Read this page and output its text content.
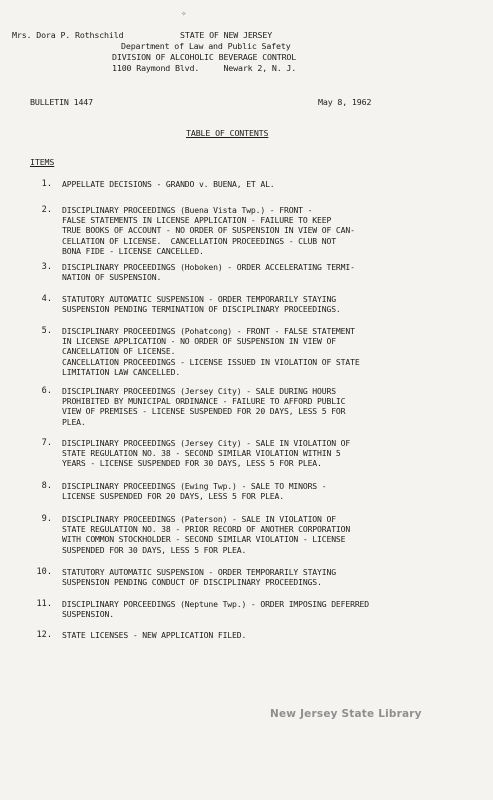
Mrs. Dora P. Rothschild	STATE OF NEW JERSEY
Department of Law and Public Safety
DIVISION OF ALCOHOLIC BEVERAGE CONTROL
1100 Raymond Blvd.     Newark 2, N. J.
BULLETIN 1447	May 8, 1962
TABLE OF CONTENTS
ITEMS
1. APPELLATE DECISIONS - GRANDO v. BUENA, ET AL.
2. DISCIPLINARY PROCEEDINGS (Buena Vista Twp.) - FRONT -
FALSE STATEMENTS IN LICENSE APPLICATION - FAILURE TO KEEP
TRUE BOOKS OF ACCOUNT - NO ORDER OF SUSPENSION IN VIEW OF CAN-
CELLATION OF LICENSE.  CANCELLATION PROCEEDINGS - CLUB NOT
BONA FIDE - LICENSE CANCELLED.
3. DISCIPLINARY PROCEEDINGS (Hoboken) - ORDER ACCELERATING TERMI-
NATION OF SUSPENSION.
4. STATUTORY AUTOMATIC SUSPENSION - ORDER TEMPORARILY STAYING
SUSPENSION PENDING TERMINATION OF DISCIPLINARY PROCEEDINGS.
5. DISCIPLINARY PROCEEDINGS (Pohatcong) - FRONT - FALSE STATEMENT
IN LICENSE APPLICATION - NO ORDER OF SUSPENSION IN VIEW OF
CANCELLATION OF LICENSE.
CANCELLATION PROCEEDINGS - LICENSE ISSUED IN VIOLATION OF STATE
LIMITATION LAW CANCELLED.
6. DISCIPLINARY PROCEEDINGS (Jersey City) - SALE DURING HOURS
PROHIBITED BY MUNICIPAL ORDINANCE - FAILURE TO AFFORD PUBLIC
VIEW OF PREMISES - LICENSE SUSPENDED FOR 20 DAYS, LESS 5 FOR
PLEA.
7. DISCIPLINARY PROCEEDINGS (Jersey City) - SALE IN VIOLATION OF
STATE REGULATION NO. 38 - SECOND SIMILAR VIOLATION WITHIN 5
YEARS - LICENSE SUSPENDED FOR 30 DAYS, LESS 5 FOR PLEA.
8. DISCIPLINARY PROCEEDINGS (Ewing Twp.) - SALE TO MINORS -
LICENSE SUSPENDED FOR 20 DAYS, LESS 5 FOR PLEA.
9. DISCIPLINARY PROCEEDINGS (Paterson) - SALE IN VIOLATION OF
STATE REGULATION NO. 38 - PRIOR RECORD OF ANOTHER CORPORATION
WITH COMMON STOCKHOLDER - SECOND SIMILAR VIOLATION - LICENSE
SUSPENDED FOR 30 DAYS, LESS 5 FOR PLEA.
10. STATUTORY AUTOMATIC SUSPENSION - ORDER TEMPORARILY STAYING
SUSPENSION PENDING CONDUCT OF DISCIPLINARY PROCEEDINGS.
11. DISCIPLINARY PORCEEDINGS (Neptune Twp.) - ORDER IMPOSING DEFERRED
SUSPENSION.
12. STATE LICENSES - NEW APPLICATION FILED.
New Jersey State Library
✧
